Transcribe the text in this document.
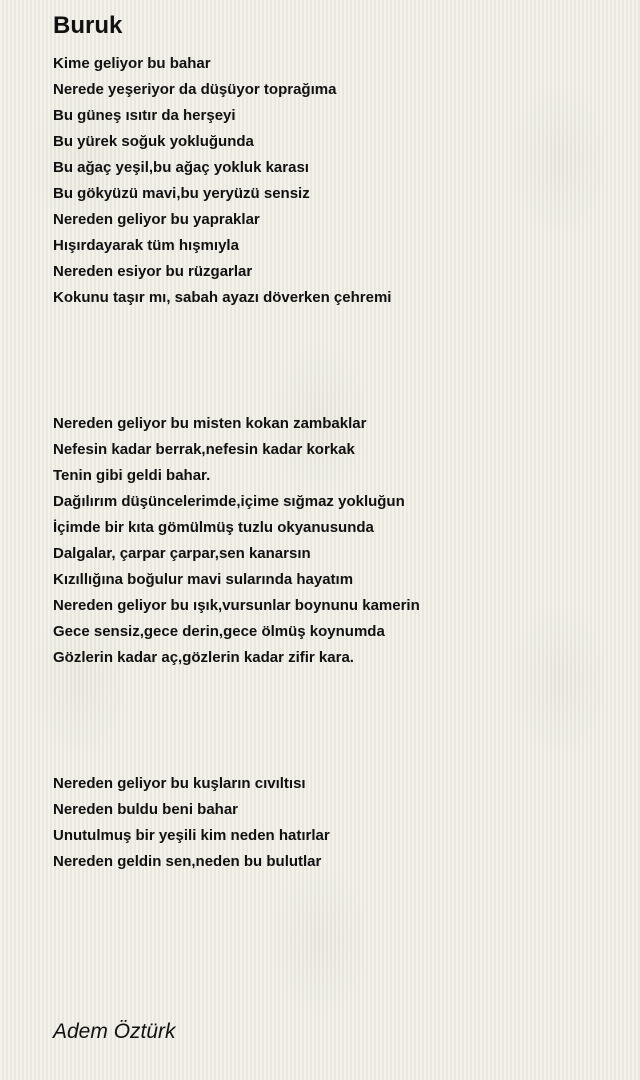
Buruk
Kime geliyor bu bahar
Nerede yeşeriyor da düşüyor toprağıma
Bu güneş ısıtır da herşeyi
Bu yürek soğuk yokluğunda
Bu ağaç yeşil,bu ağaç yokluk karası
Bu gökyüzü mavi,bu yeryüzü sensiz
Nereden geliyor bu yapraklar
Hışırdayarak tüm hışmıyla
Nereden esiyor bu rüzgarlar
Kokunu taşır mı, sabah ayazı döverken çehremi
Nereden geliyor bu misten kokan zambaklar
Nefesin kadar berrak,nefesin kadar korkak
Tenin gibi geldi bahar.
Dağılırım düşüncelerimde,içime sığmaz yokluğun
İçimde bir kıta gömülmüş tuzlu okyanusunda
Dalgalar, çarpar çarpar,sen kanarsın
Kızıllığına boğulur mavi sularında hayatım
Nereden geliyor bu ışık,vursunlar boynunu kamerin
Gece sensiz,gece derin,gece ölmüş koynumda
Gözlerin kadar aç,gözlerin kadar zifir kara.
Nereden geliyor bu kuşların cıvıltısı
Nereden buldu beni bahar
Unutulmuş bir yeşili kim neden hatırlar
Nereden geldin sen,neden bu bulutlar

Adem Öztürk
